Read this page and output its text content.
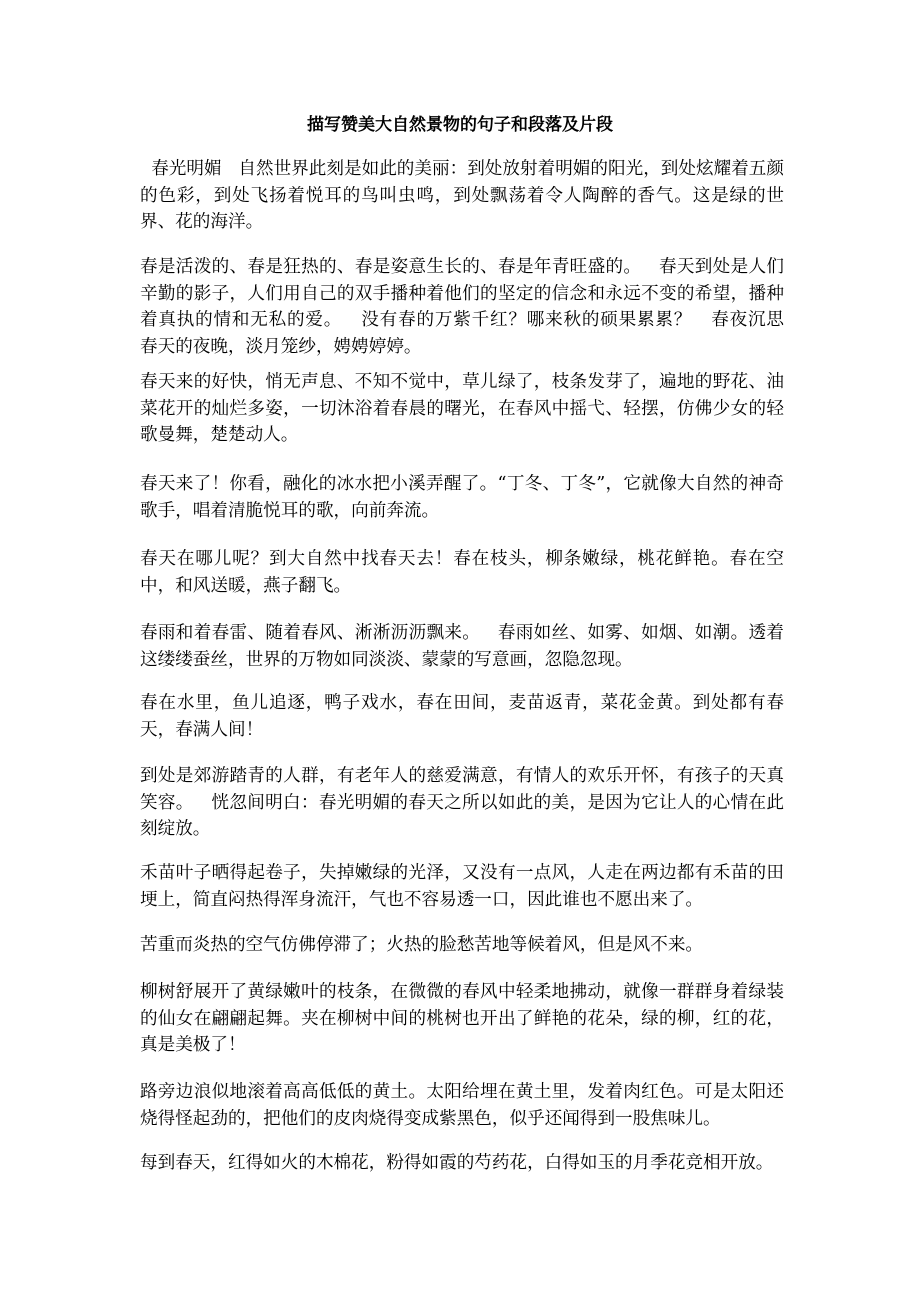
描写赞美大自然景物的句子和段落及片段

春光明媚   自然世界此刻是如此的美丽：到处放射着明媚的阳光，到处炫耀着五颜的色彩，到处飞扬着悦耳的鸟叫虫鸣，到处飘荡着令人陶醉的香气。这是绿的世界、花的海洋。

春是活泼的、春是狂热的、春是姿意生长的、春是年青旺盛的。   春天到处是人们辛勤的影子，人们用自己的双手播种着他们的坚定的信念和永远不变的希望，播种着真执的情和无私的爱。   没有春的万紫千红？哪来秋的硕果累累？   春夜沉思   春天的夜晚，淡月笼纱，娉娉婷婷。

春天来的好快，悄无声息、不知不觉中，草儿绿了，枝条发芽了，遍地的野花、油菜花开的灿烂多姿，一切沐浴着春晨的曙光，在春风中摇弋、轻摆，仿佛少女的轻歌曼舞，楚楚动人。

春天来了！你看，融化的冰水把小溪弄醒了。“丁冬、丁冬”，它就像大自然的神奇歌手，唱着清脆悦耳的歌，向前奔流。

春天在哪儿呢？到大自然中找春天去！春在枝头，柳条嫩绿，桃花鲜艳。春在空中，和风送暖，燕子翻飞。

春雨和着春雷、随着春风、淅淅沥沥飘来。   春雨如丝、如雾、如烟、如潮。透着这缕缕蚕丝，世界的万物如同淡淡、蒙蒙的写意画，忽隐忽现。

春在水里，鱼儿追逐，鸭子戏水，春在田间，麦苗返青，菜花金黄。到处都有春天，春满人间！

到处是郊游踏青的人群，有老年人的慈爱满意，有情人的欢乐开怀，有孩子的天真笑容。   恍忽间明白：春光明媚的春天之所以如此的美，是因为它让人的心情在此刻绽放。

禾苗叶子晒得起卷子，失掉嫩绿的光泽，又没有一点风，人走在两边都有禾苗的田埂上，简直闷热得浑身流汗，气也不容易透一口，因此谁也不愿出来了。

苦重而炎热的空气仿佛停滞了；火热的脸愁苦地等候着风，但是风不来。

柳树舒展开了黄绿嫩叶的枝条，在微微的春风中轻柔地拂动，就像一群群身着绿装的仙女在翩翩起舞。夹在柳树中间的桃树也开出了鲜艳的花朵，绿的柳，红的花，真是美极了！

路旁边浪似地滚着高高低低的黄土。太阳给埋在黄土里，发着肉红色。可是太阳还烧得怪起劲的，把他们的皮肉烧得变成紫黑色，似乎还闻得到一股焦味儿。

每到春天，红得如火的木棉花，粉得如霞的芍药花，白得如玉的月季花竞相开放。
